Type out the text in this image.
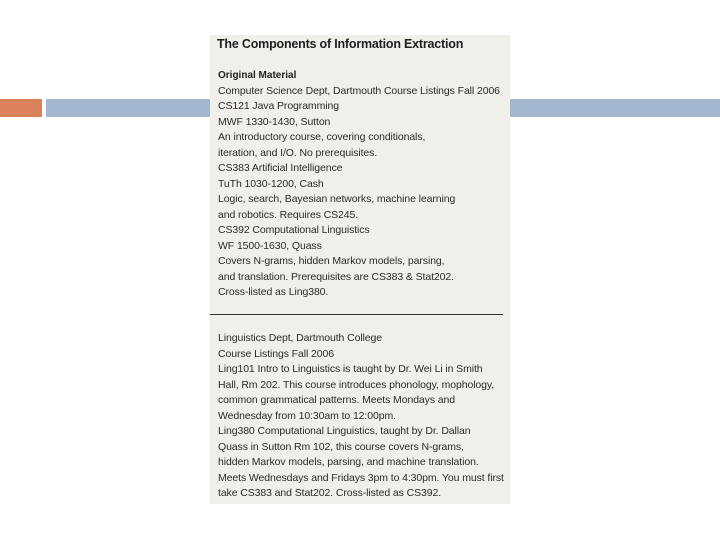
The Components of Information Extraction
Original Material
Computer Science Dept, Dartmouth Course Listings Fall 2006
CS121 Java Programming
MWF 1330-1430, Sutton
An introductory course, covering conditionals,
iteration, and I/O. No prerequisites.
CS383 Artificial Intelligence
TuTh 1030-1200, Cash
Logic, search, Bayesian networks, machine learning
and robotics. Requires CS245.
CS392 Computational Linguistics
WF 1500-1630, Quass
Covers N-grams, hidden Markov models, parsing,
and translation. Prerequisites are CS383 & Stat202.
Cross-listed as Ling380.
Linguistics Dept, Dartmouth College
Course Listings Fall 2006
Ling101 Intro to Linguistics is taught by Dr. Wei Li in Smith
Hall, Rm 202. This course introduces phonology, mophology,
common grammatical patterns. Meets Mondays and
Wednesday from 10:30am to 12:00pm.
Ling380 Computational Linguistics, taught by Dr. Dallan
Quass in Sutton Rm 102, this course covers N-grams,
hidden Markov models, parsing, and machine translation.
Meets Wednesdays and Fridays 3pm to 4:30pm. You must first
take CS383 and Stat202. Cross-listed as CS392.
